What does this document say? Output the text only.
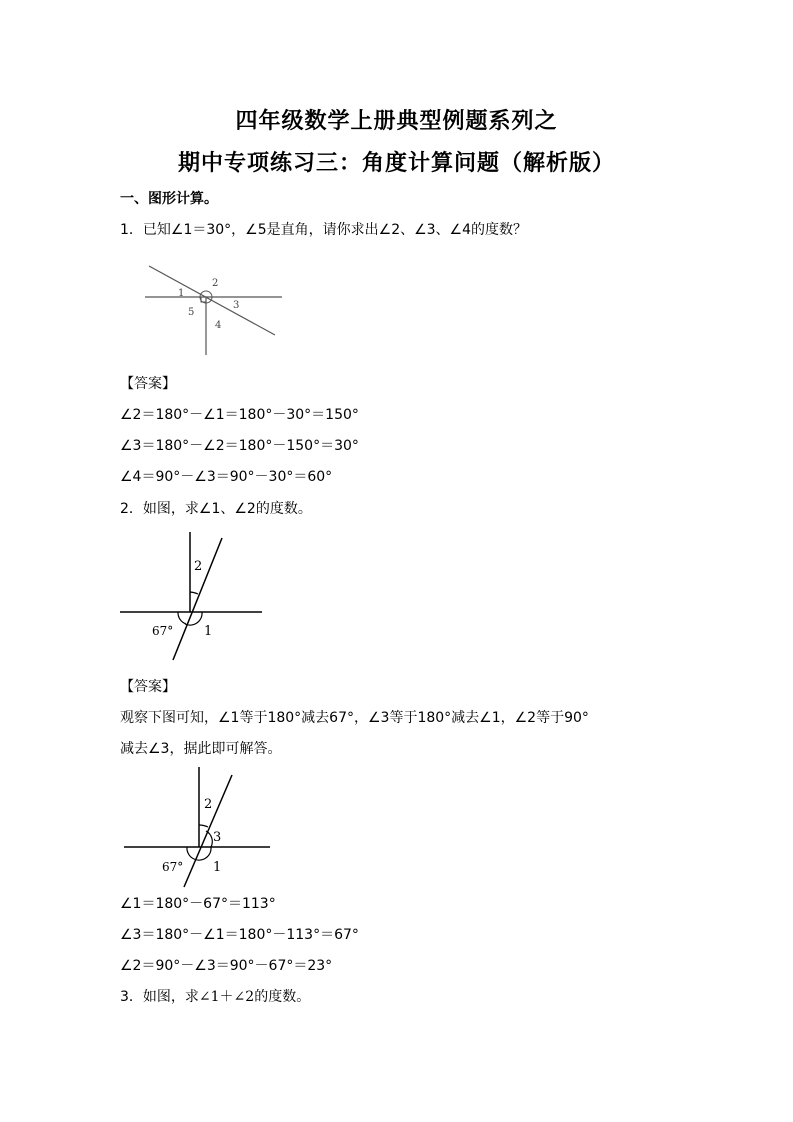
四年级数学上册典型例题系列之
期中专项练习三：角度计算问题（解析版）
一、图形计算。
1．已知∠1＝30°，∠5是直角，请你求出∠2、∠3、∠4的度数？
1
2
3
4
5
【答案】
∠2＝180°－∠1＝180°－30°＝150°
∠3＝180°－∠2＝180°－150°＝30°
∠4＝90°－∠3＝90°－30°＝60°
2．如图，求∠1、∠2的度数。
2
67° 1
【答案】
观察下图可知，∠1等于180°减去67°，∠3等于180°减去∠1，∠2等于90°
减去∠3，据此即可解答。
2
3
67° 1
∠1＝180°－67°＝113°
∠3＝180°－∠1＝180°－113°＝67°
∠2＝90°－∠3＝90°－67°＝23°
3．如图，求∠1＋∠2的度数。
